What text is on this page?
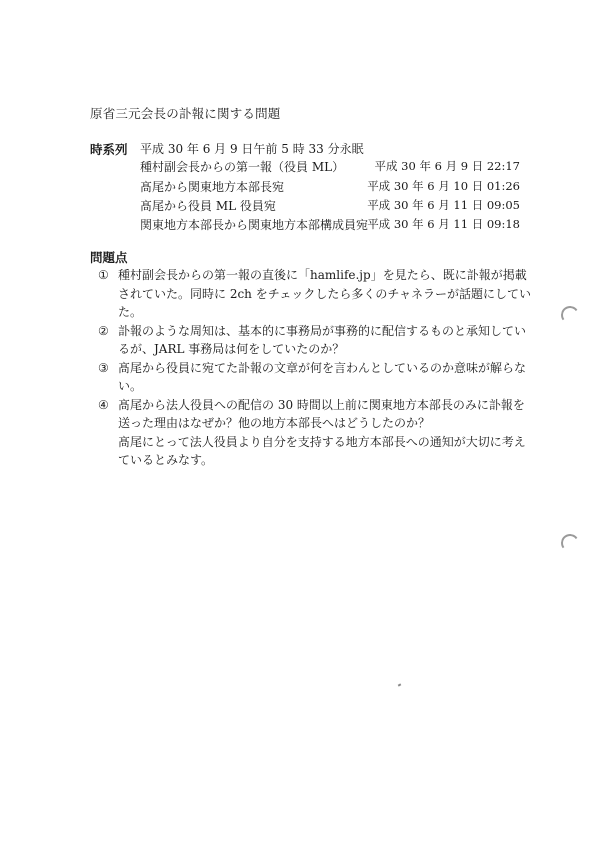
原省三元会長の訃報に関する問題
時系列 平成 30 年 6 月 9 日午前 5 時 33 分永眠
種村副会長からの第一報（役員 ML）	平成 30 年 6 月 9 日 22:17
髙尾から関東地方本部長宛	平成 30 年 6 月 10 日 01:26
髙尾から役員 ML 役員宛	平成 30 年 6 月 11 日 09:05
関東地方本部長から関東地方本部構成員宛 平成 30 年 6 月 11 日 09:18
問題点
① 種村副会長からの第一報の直後に「hamlife.jp」を見たら、既に訃報が掲載されていた。同時に 2ch をチェックしたら多くのチャネラーが話題にしていた。
② 訃報のような周知は、基本的に事務局が事務的に配信するものと承知しているが、JARL 事務局は何をしていたのか？
③ 髙尾から役員に宛てた訃報の文章が何を言わんとしているのか意味が解らない。
④ 髙尾から法人役員への配信の 30 時間以上前に関東地方本部長のみに訃報を送った理由はなぜか？他の地方本部長へはどうしたのか？
髙尾にとって法人役員より自分を支持する地方本部長への通知が大切に考えているとみなす。
